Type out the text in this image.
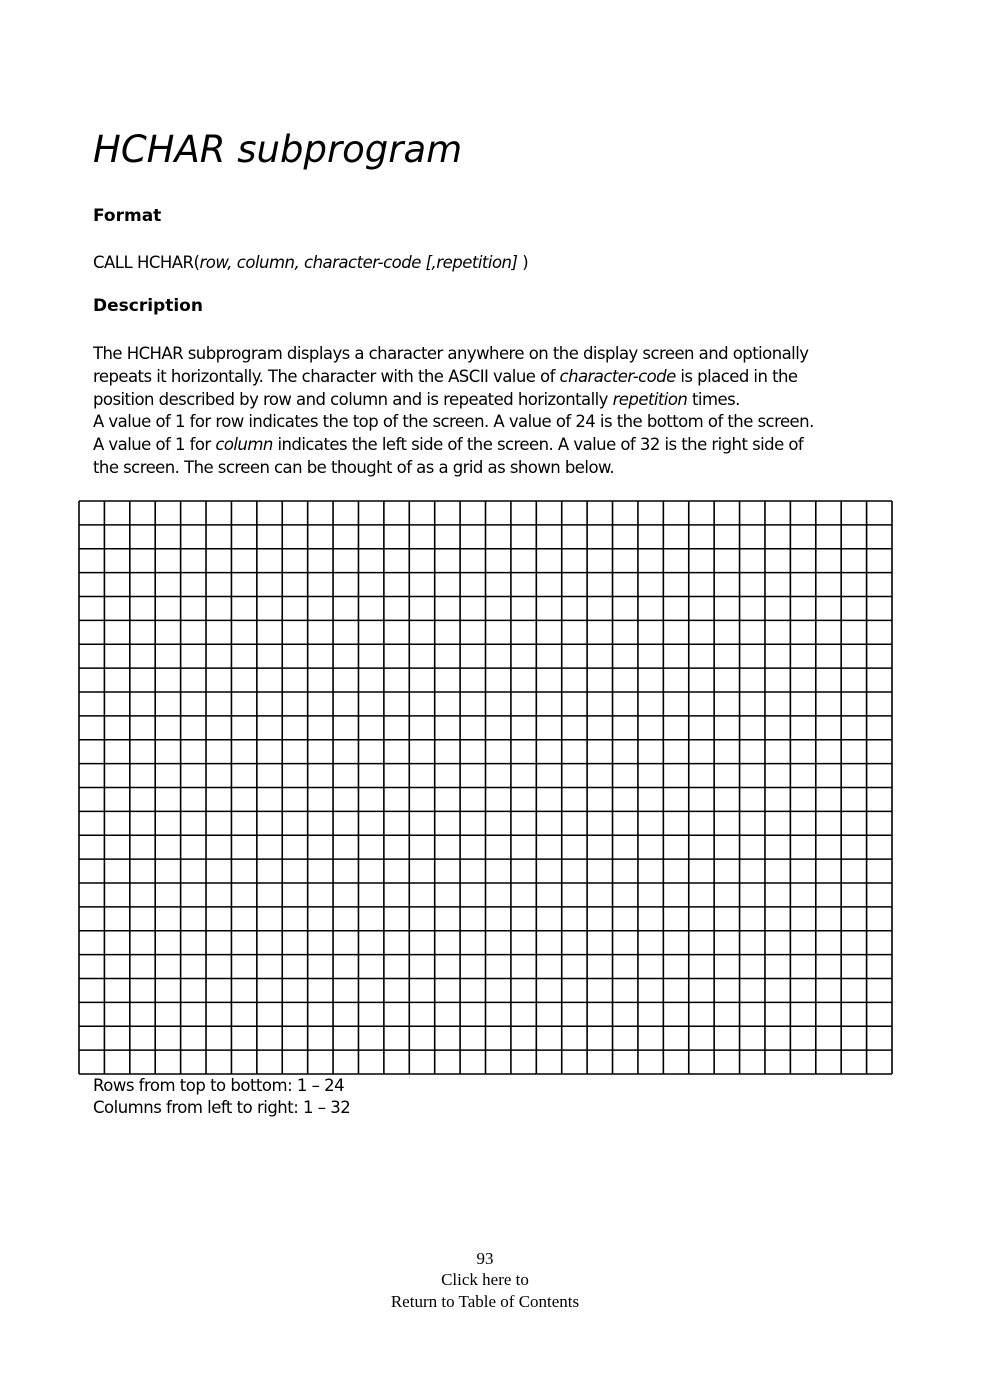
HCHAR subprogram
Format

CALL HCHAR(row, column, character-code [,repetition] )

Description
The HCHAR subprogram displays a character anywhere on the display screen and optionally
repeats it horizontally. The character with the ASCII value of character-code is placed in the
position described by row and column and is repeated horizontally repetition times.
A value of 1 for row indicates the top of the screen. A value of 24 is the bottom of the screen.
A value of 1 for column indicates the left side of the screen. A value of 32 is the right side of
the screen. The screen can be thought of as a grid as shown below.

Rows from top to bottom: 1 – 24

Columns from left to right: 1 – 32

93

Click here to

Return to Table of Contents
